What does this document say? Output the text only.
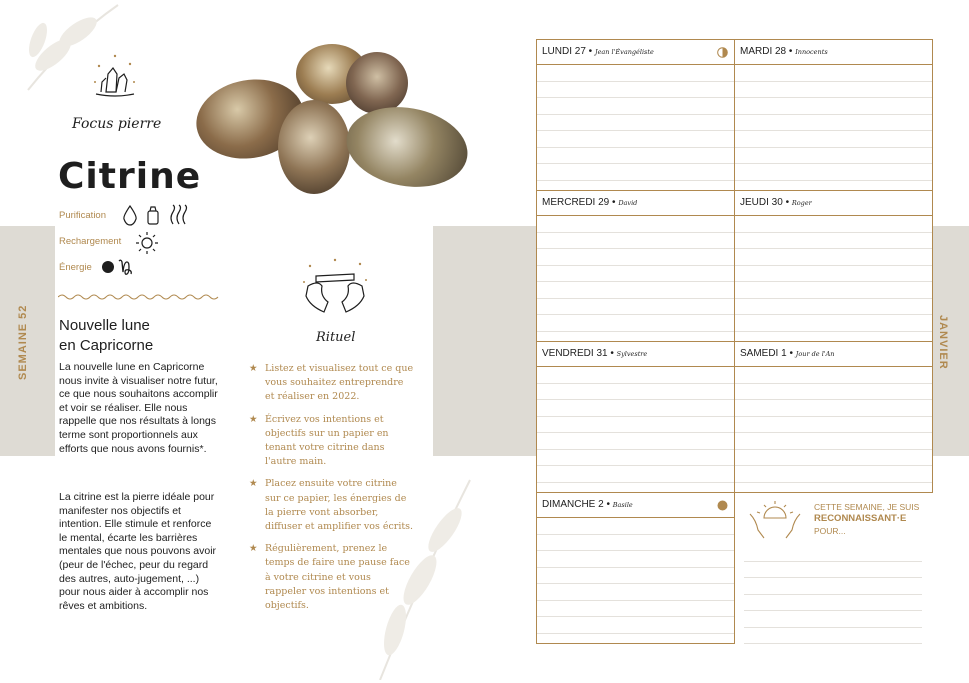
Focus pierre
Citrine
Purification
Rechargement
Énergie
SEMAINE 52 Nouvelle lune
en Capricorne
La nouvelle lune en Capricorne nous invite à visualiser notre futur, ce que nous souhaitons accomplir et voir se réaliser. Elle nous rappelle que nos résultats à longs terme sont proportionnels aux efforts que nous avons fournis*.
La citrine est la pierre idéale pour manifester nos objectifs et intention. Elle stimule et renforce le mental, écarte les barrières mentales que nous pouvons avoir (peur de l'échec, peur du regard des autres, auto-jugement, ...) pour nous aider à accomplir nos rêves et ambitions.
Rituel
★ Listez et visualisez tout ce que vous souhaitez entreprendre et réaliser en 2022.
★ Écrivez vos intentions et objectifs sur un papier en tenant votre citrine dans l'autre main.
★ Placez ensuite votre citrine sur ce papier, les énergies de la pierre vont absorber, diffuser et amplifier vos écrits.
★ Régulièrement, prenez le temps de faire une pause face à votre citrine et vous rappeler vos intentions et objectifs.
JANVIER
LUNDI 27 • Jean l'Évangéliste	MARDI 28 • Innocents
MERCREDI 29 • David	JEUDI 30 • Roger
VENDREDI 31 • Sylvestre	SAMEDI 1 • Jour de l'An
DIMANCHE 2 • Basile	CETTE SEMAINE, JE SUIS
RECONNAISSANT·E
POUR...
